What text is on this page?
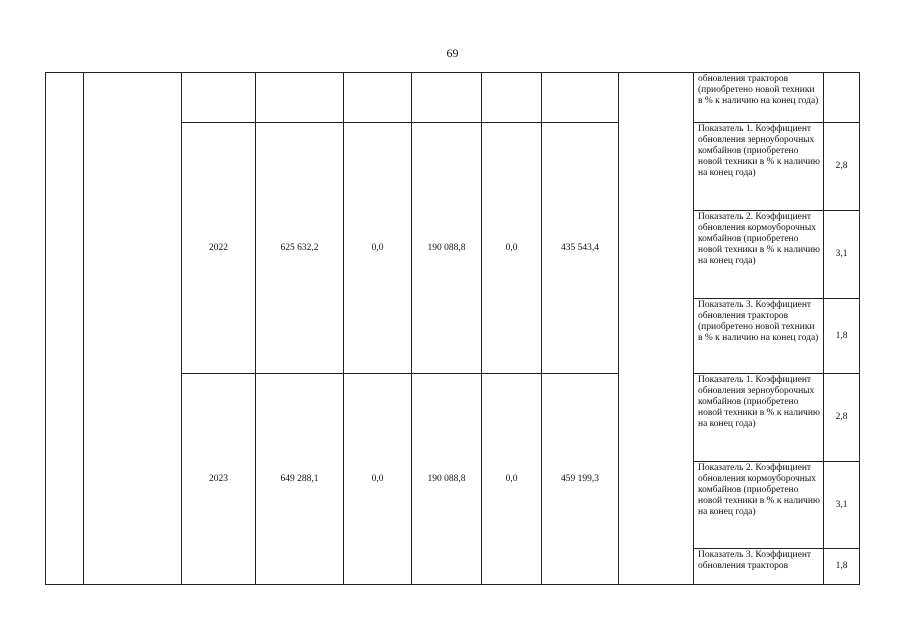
69
									обновления тракторов (приобретено новой техники в % к наличию на конец года)	
		2022	625 632,2	0,0	190 088,8	0,0	435 543,4		Показатель 1. Коэффициент обновления зерноуборочных комбайнов (приобретено новой техники в % к наличию на конец года)	2,8
									Показатель 2. Коэффициент обновления кормоуборочных комбайнов (приобретено новой техники в % к наличию на конец года)	3,1
									Показатель 3. Коэффициент обновления тракторов (приобретено новой техники в % к наличию на конец года)	1,8
		2023	649 288,1	0,0	190 088,8	0,0	459 199,3		Показатель 1. Коэффициент обновления зерноуборочных комбайнов (приобретено новой техники в % к наличию на конец года)	2,8
									Показатель 2. Коэффициент обновления кормоуборочных комбайнов (приобретено новой техники в % к наличию на конец года)	3,1
									Показатель 3. Коэффициент обновления тракторов	1,8
